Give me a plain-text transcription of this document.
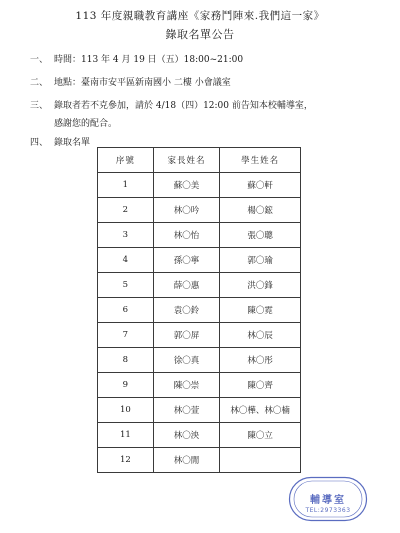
113 年度親職教育講座《家務鬥陣來.我們這一家》
錄取名單公告
一、 時間：113 年 4 月 19 日（五）18:00~21:00
二、 地點：臺南市安平區新南國小 二樓 小會議室
三、 錄取者若不克參加，請於 4/18（四）12:00 前告知本校輔導室，
感謝您的配合。
四、 錄取名單
序號	家長姓名	學生姓名
1	蘇〇美	蘇〇軒
2	林〇吟	楊〇鋐
3	林〇怡	張〇聰
4	孫〇寧	郭〇瑜
5	薛〇惠	洪〇鋒
6	袁〇鈴	陳〇霓
7	郭〇屏	林〇辰
8	徐〇真	林〇彤
9	陳〇崇	陳〇齊
10	林〇萱	林〇樺、林〇楠
11	林〇泱	陳〇立
12	林〇閒	
輔導室
TEL:2973363
